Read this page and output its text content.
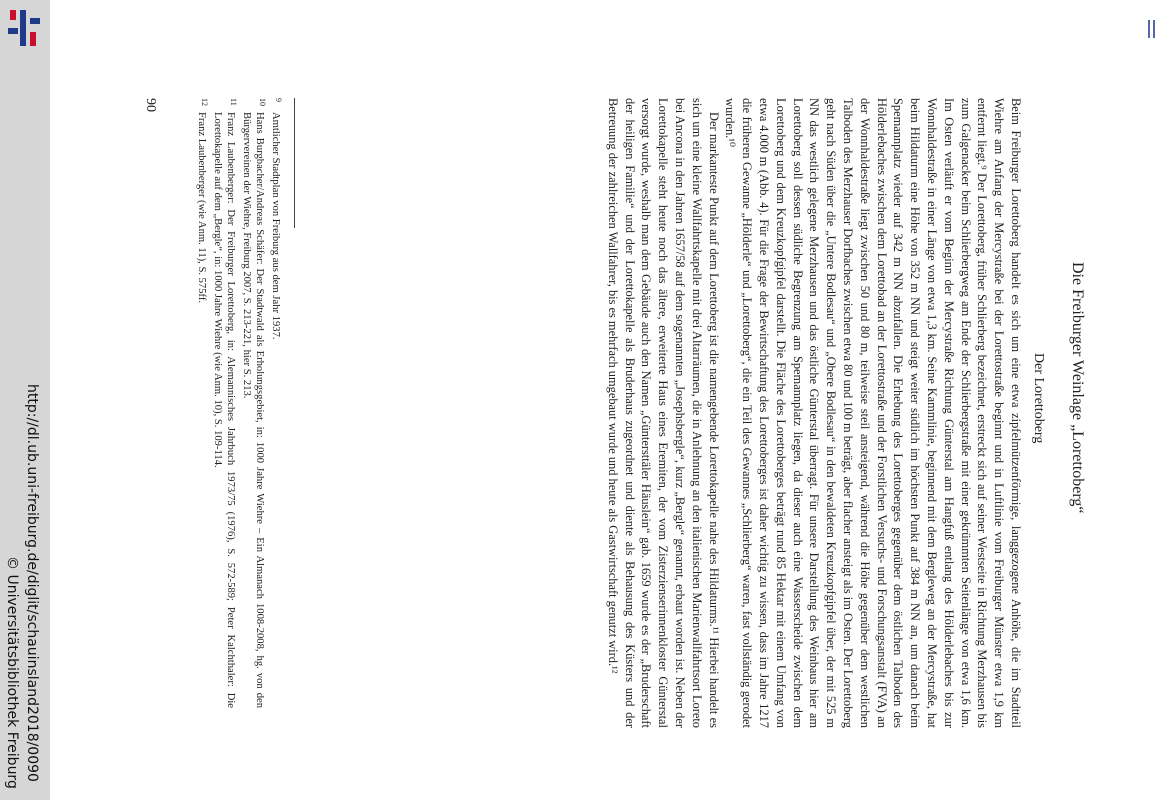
http://dl.ub.uni-freiburg.de/diglit/schauinsland2018/0090
© Universitätsbibliothek Freiburg
Die Freiburger Weinlage „Lorettoberg“
Der Lorettoberg

Beim Freiburger Lorettoberg handelt es sich um eine etwa zipfelmützenförmige, langgezogene Anhöhe, die im Stadtteil Wiehre am Anfang der Mercystraße bei der Lorettostraße beginnt und in Luftlinie vom Freiburger Münster etwa 1,9 km entfernt liegt.⁹ Der Lorettoberg, früher Schlierberg bezeichnet, erstreckt sich auf seiner Westseite in Richtung Merzhausen bis zum Galgenacker beim Schlierbergweg am Ende der Schlierbergstraße mit einer gekrümmten Seitenlänge von etwa 1,6 km. Im Osten verläuft er vom Beginn der Mercystraße Richtung Günterstal am Hangfuß entlang des Hölderlebaches bis zur Wonnhaldestraße in einer Länge von etwa 1,3 km. Seine Kammlinie, beginnend mit dem Bergleweg an der Mercystraße, hat beim Hildaturm eine Höhe von 352 m NN und steigt weiter südlich im höchsten Punkt auf 384 m NN an, um danach beim Spemannplatz wieder auf 342 m NN abzufallen. Die Erhebung des Lorettoberges gegenüber dem östlichen Talboden des Hölderlebaches zwischen dem Lorettobad an der Lorettostraße und der Forstlichen Versuchs- und Forschungsanstalt (FVA) an der Wonnhaldestraße liegt zwischen 50 und 80 m, teilweise steil ansteigend, während die Höhe gegenüber dem westlichen Talboden des Merzhauser Dorfbaches zwischen etwa 80 und 100 m beträgt, aber flacher ansteigt als im Osten. Der Lorettoberg geht nach Süden über die „Untere Bodlesau“ und „Obere Bodlesau“ in den bewaldeten Kreuzkopfgipfel über, der mit 525 m NN das westlich gelegene Merzhausen und das östliche Günterstal überragt. Für unsere Darstellung des Weinbaus hier am Lorettoberg soll dessen südliche Begrenzung am Spemannplatz liegen, da dieser auch eine Wasserscheide zwischen dem Lorettoberg und dem Kreuzkopfgipfel darstellt. Die Fläche des Lorettoberges beträgt rund 85 Hektar mit einem Umfang von etwa 4.000 m (Abb. 4). Für die Frage der Bewirtschaftung des Lorettoberges ist daher wichtig zu wissen, dass im Jahre 1217 die früheren Gewanne „Hölderle“ und „Lorettoberg“, die ein Teil des Gewannes „Schlierberg“ waren, fast vollständig gerodet wurden.¹⁰

Der markanteste Punkt auf dem Lorettoberg ist die namengebende Lorettokapelle nahe des Hildaturms.¹¹ Hierbei handelt es sich um eine kleine Wallfahrtskapelle mit drei Altarräumen, die in Anlehnung an den italienischen Marienwallfahrtsort Loreto bei Ancona in den Jahren 1657/58 auf dem sogenannten „Josephsbergle“, kurz „Bergle“ genannt, erbaut worden ist. Neben der Lorettokapelle steht heute noch das ältere, erweiterte Haus eines Eremiten, der vom Zisterzienserinnenkloster Günterstal versorgt wurde, weshalb man dem Gebäude auch den Namen „Güntersttäler Häuslein“ gab. 1659 wurde es der „Bruderschaft der heiligen Familie“ und der Lorettokapelle als Bruderhaus zugeordnet und diente als Behausung des Küsters und der Betreuung der zahlreichen Wallfahrer, bis es mehrfach umgebaut wurde und heute als Gastwirtschaft genutzt wird.¹²

9
Amtlicher Stadtplan von Freiburg aus dem Jahr 1937.
10
Hans Burgbacher/Andreas Schäfer: Der Stadtwald als Erholungsgebiet, in: 1000 Jahre Wiehre – Ein Almanach 1008-2008, hg. von den Bürgervereinen der Wiehre, Freiburg 2007, S. 213-221, hier S. 213.
11
Franz Laubenberger: Der Freiburger Lorettoberg, in: Alemannisches Jahrbuch 1973/75 (1976), S. 572-589; Peter Kalchthaler: Die Lorettokapelle auf dem „Bergle“, in: 1000 Jahre Wiehre (wie Anm. 10), S. 109-114.
12
Franz Laubenberger (wie Anm. 11), S. 575ff.
90
